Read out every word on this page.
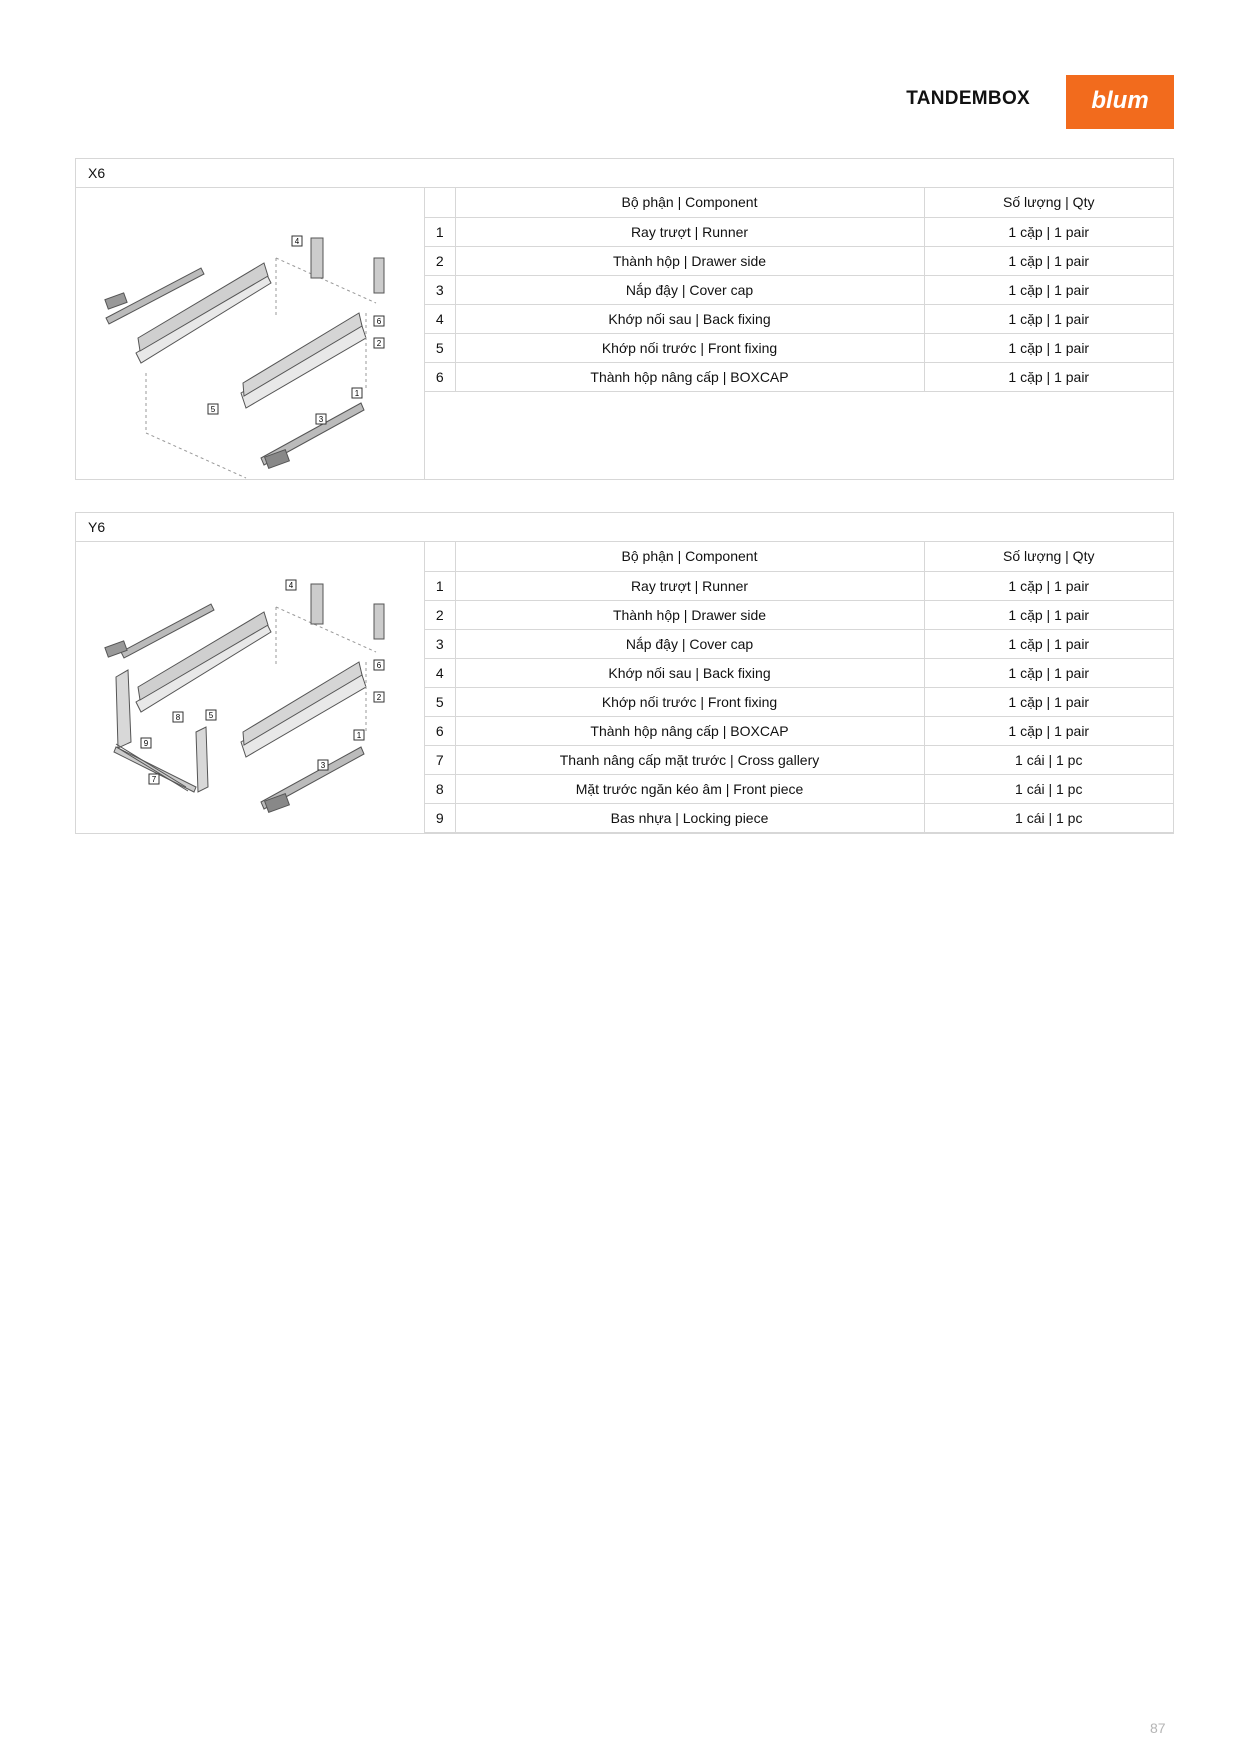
TANDEMBOX	blum
X6
4
6
2
1
5
3
	Bộ phận | Component	Số lượng | Qty
1	Ray trượt | Runner	1 cặp | 1 pair
2	Thành hộp | Drawer side	1 cặp | 1 pair
3	Nắp đậy | Cover cap	1 cặp | 1 pair
4	Khớp nối sau | Back fixing	1 cặp | 1 pair
5	Khớp nối trước | Front fixing	1 cặp | 1 pair
6	Thành hộp nâng cấp | BOXCAP	1 cặp | 1 pair
Y6
4
6
2
1
8	5
9
7
3
	Bộ phận | Component	Số lượng | Qty
1	Ray trượt | Runner	1 cặp | 1 pair
2	Thành hộp | Drawer side	1 cặp | 1 pair
3	Nắp đậy | Cover cap	1 cặp | 1 pair
4	Khớp nối sau | Back fixing	1 cặp | 1 pair
5	Khớp nối trước | Front fixing	1 cặp | 1 pair
6	Thành hộp nâng cấp | BOXCAP	1 cặp | 1 pair
7	Thanh nâng cấp mặt trước | Cross gallery	1 cái | 1 pc
8	Mặt trước ngăn kéo âm | Front piece	1 cái | 1 pc
9	Bas nhựa | Locking piece	1 cái | 1 pc
87
